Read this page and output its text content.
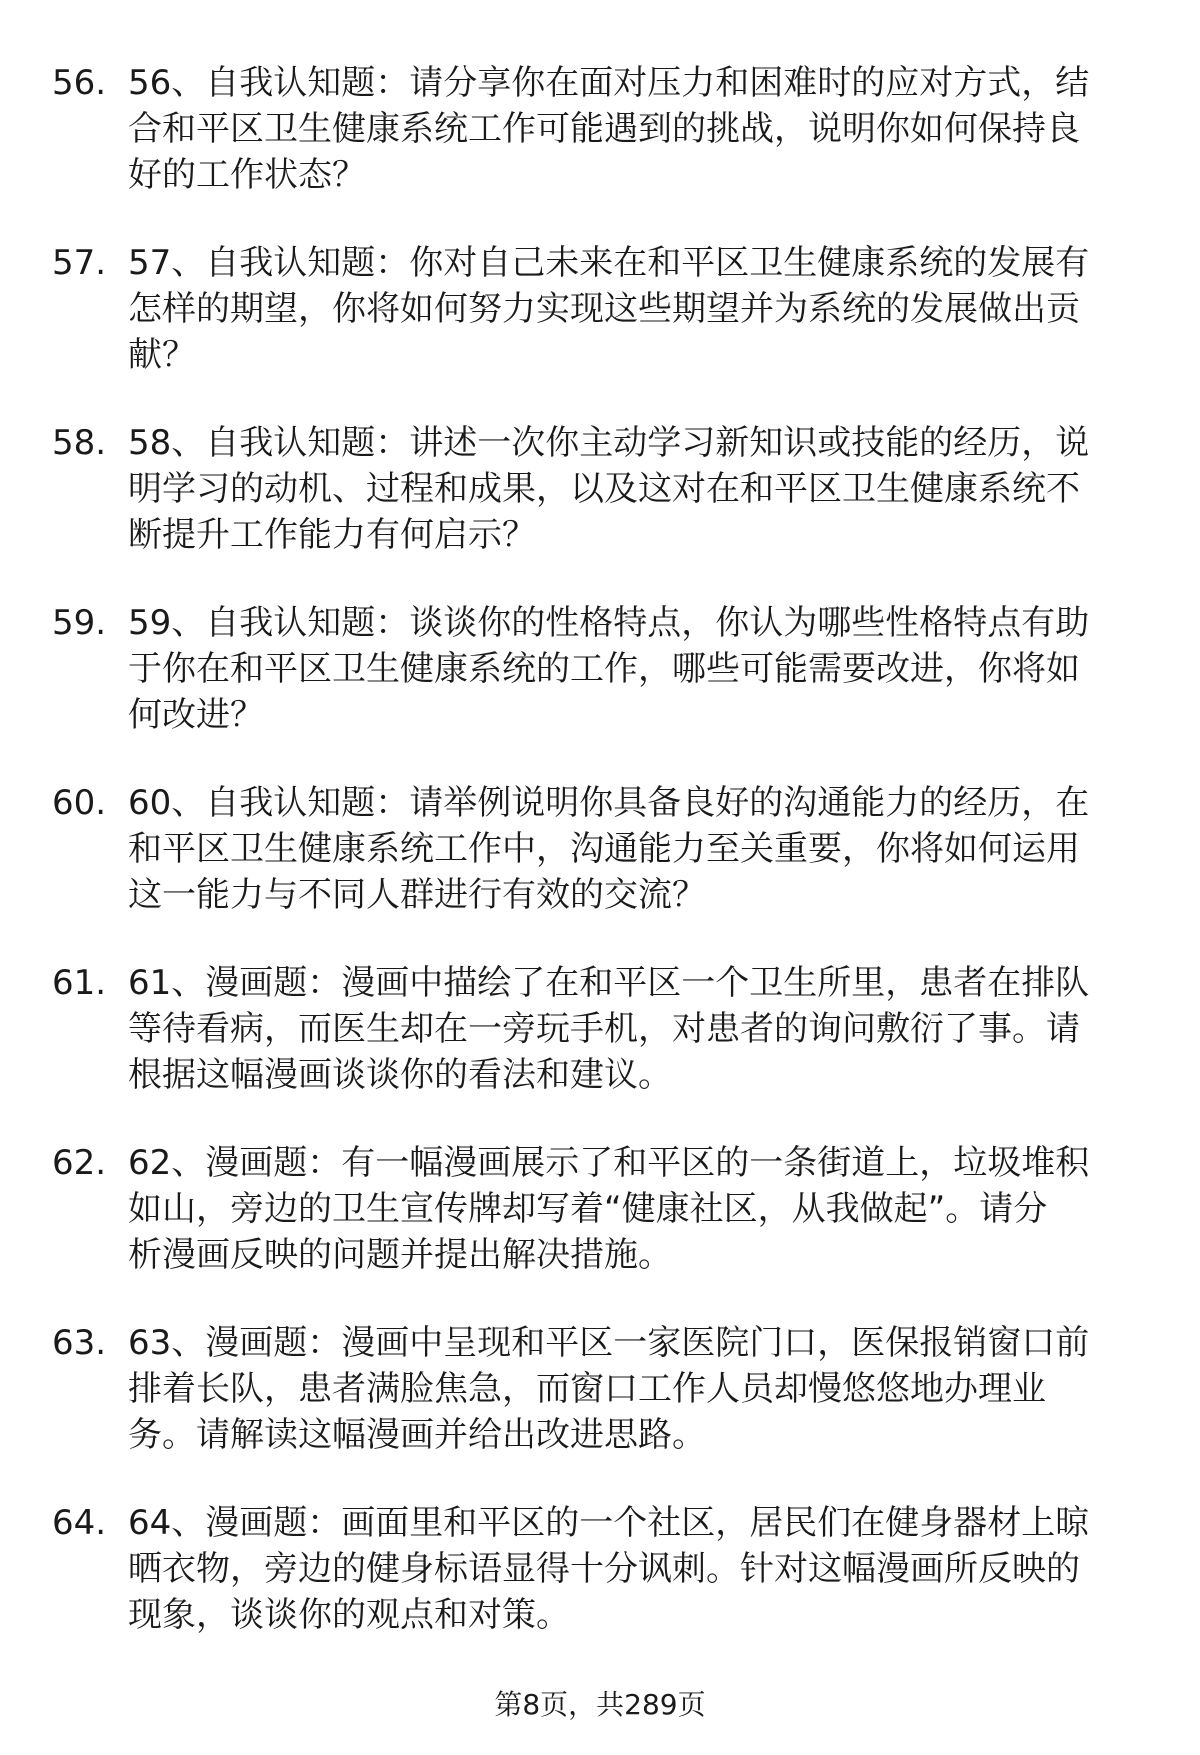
56. 56、自我认知题：请分享你在面对压力和困难时的应对方式，结
合和平区卫生健康系统工作可能遇到的挑战，说明你如何保持良
好的工作状态？
57. 57、自我认知题：你对自己未来在和平区卫生健康系统的发展有
怎样的期望，你将如何努力实现这些期望并为系统的发展做出贡
献？
58. 58、自我认知题：讲述一次你主动学习新知识或技能的经历，说
明学习的动机、过程和成果，以及这对在和平区卫生健康系统不
断提升工作能力有何启示？
59. 59、自我认知题：谈谈你的性格特点，你认为哪些性格特点有助
于你在和平区卫生健康系统的工作，哪些可能需要改进，你将如
何改进？
60. 60、自我认知题：请举例说明你具备良好的沟通能力的经历，在
和平区卫生健康系统工作中，沟通能力至关重要，你将如何运用
这一能力与不同人群进行有效的交流？
61. 61、漫画题：漫画中描绘了在和平区一个卫生所里，患者在排队
等待看病，而医生却在一旁玩手机，对患者的询问敷衍了事。请
根据这幅漫画谈谈你的看法和建议。
62. 62、漫画题：有一幅漫画展示了和平区的一条街道上，垃圾堆积
如山，旁边的卫生宣传牌却写着“健康社区，从我做起”。请分
析漫画反映的问题并提出解决措施。
63. 63、漫画题：漫画中呈现和平区一家医院门口，医保报销窗口前
排着长队，患者满脸焦急，而窗口工作人员却慢悠悠地办理业
务。请解读这幅漫画并给出改进思路。
64. 64、漫画题：画面里和平区的一个社区，居民们在健身器材上晾
晒衣物，旁边的健身标语显得十分讽刺。针对这幅漫画所反映的
现象，谈谈你的观点和对策。
第8页，共289页
